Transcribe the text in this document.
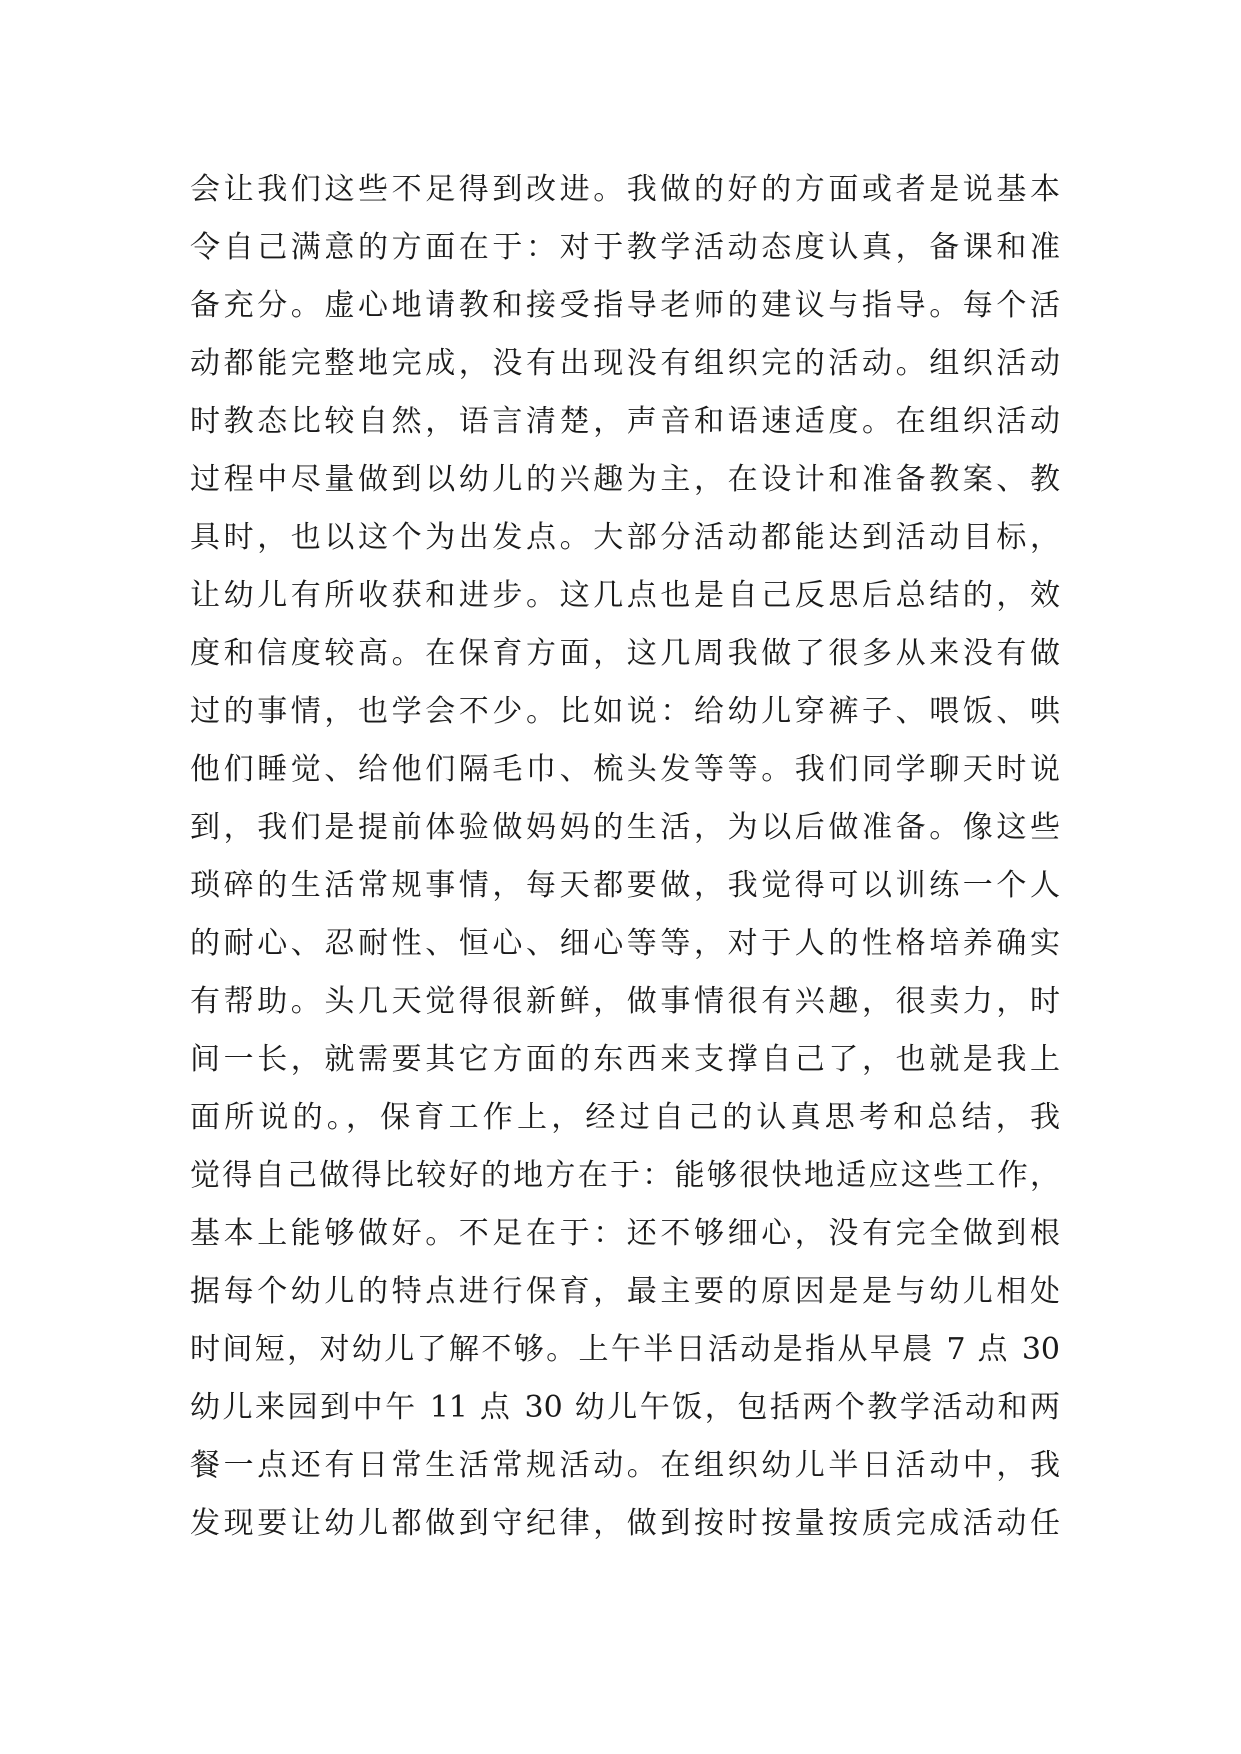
会让我们这些不足得到改进。我做的好的方面或者是说基本
令自己满意的方面在于：对于教学活动态度认真，备课和准
备充分。虚心地请教和接受指导老师的建议与指导。每个活
动都能完整地完成，没有出现没有组织完的活动。组织活动
时教态比较自然，语言清楚，声音和语速适度。在组织活动
过程中尽量做到以幼儿的兴趣为主，在设计和准备教案、教
具时，也以这个为出发点。大部分活动都能达到活动目标，
让幼儿有所收获和进步。这几点也是自己反思后总结的，效
度和信度较高。在保育方面，这几周我做了很多从来没有做
过的事情，也学会不少。比如说：给幼儿穿裤子、喂饭、哄
他们睡觉、给他们隔毛巾、梳头发等等。我们同学聊天时说
到，我们是提前体验做妈妈的生活，为以后做准备。像这些
琐碎的生活常规事情，每天都要做，我觉得可以训练一个人
的耐心、忍耐性、恒心、细心等等，对于人的性格培养确实
有帮助。头几天觉得很新鲜，做事情很有兴趣，很卖力，时
间一长，就需要其它方面的东西来支撑自己了，也就是我上
面所说的。，保育工作上，经过自己的认真思考和总结，我
觉得自己做得比较好的地方在于：能够很快地适应这些工作，
基本上能够做好。不足在于：还不够细心，没有完全做到根
据每个幼儿的特点进行保育，最主要的原因是是与幼儿相处
时间短，对幼儿了解不够。上午半日活动是指从早晨 7 点 30
幼儿来园到中午 11 点 30 幼儿午饭，包括两个教学活动和两
餐一点还有日常生活常规活动。在组织幼儿半日活动中，我
发现要让幼儿都做到守纪律，做到按时按量按质完成活动任
